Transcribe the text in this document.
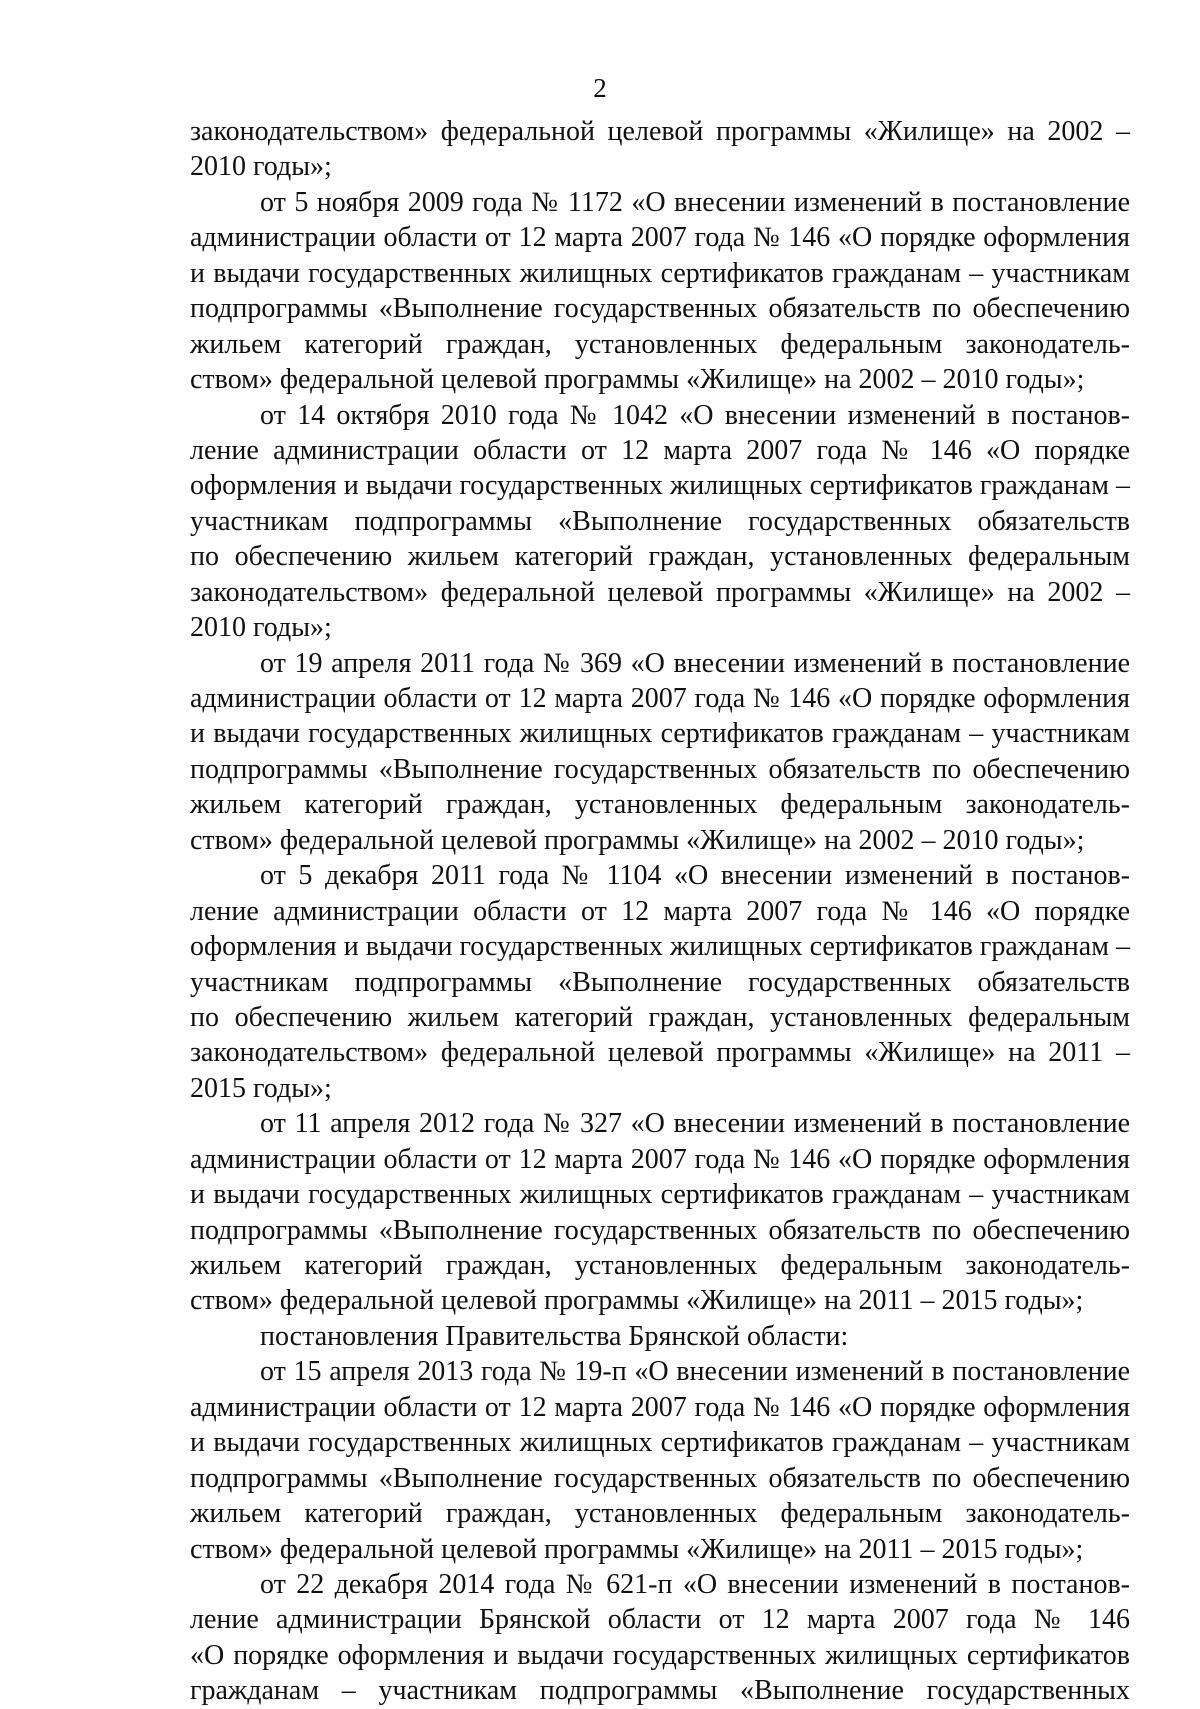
2
законодательством» федеральной целевой программы «Жилище» на 2002 –
2010 годы»;
от 5 ноября 2009 года № 1172 «О внесении изменений в постановление
администрации области от 12 марта 2007 года № 146 «О порядке оформления
и выдачи государственных жилищных сертификатов гражданам – участникам
подпрограммы «Выполнение государственных обязательств по обеспечению
жильем категорий граждан, установленных федеральным законодатель-
ством» федеральной целевой программы «Жилище» на 2002 – 2010 годы»;
от 14 октября 2010 года № 1042 «О внесении изменений в постанов-
ление администрации области от 12 марта 2007 года № 146 «О порядке
оформления и выдачи государственных жилищных сертификатов гражданам –
участникам подпрограммы «Выполнение государственных обязательств
по обеспечению жильем категорий граждан, установленных федеральным
законодательством» федеральной целевой программы «Жилище» на 2002 –
2010 годы»;
от 19 апреля 2011 года № 369 «О внесении изменений в постановление
администрации области от 12 марта 2007 года № 146 «О порядке оформления
и выдачи государственных жилищных сертификатов гражданам – участникам
подпрограммы «Выполнение государственных обязательств по обеспечению
жильем категорий граждан, установленных федеральным законодатель-
ством» федеральной целевой программы «Жилище» на 2002 – 2010 годы»;
от 5 декабря 2011 года № 1104 «О внесении изменений в постанов-
ление администрации области от 12 марта 2007 года № 146 «О порядке
оформления и выдачи государственных жилищных сертификатов гражданам –
участникам подпрограммы «Выполнение государственных обязательств
по обеспечению жильем категорий граждан, установленных федеральным
законодательством» федеральной целевой программы «Жилище» на 2011 –
2015 годы»;
от 11 апреля 2012 года № 327 «О внесении изменений в постановление
администрации области от 12 марта 2007 года № 146 «О порядке оформления
и выдачи государственных жилищных сертификатов гражданам – участникам
подпрограммы «Выполнение государственных обязательств по обеспечению
жильем категорий граждан, установленных федеральным законодатель-
ством» федеральной целевой программы «Жилище» на 2011 – 2015 годы»;
постановления Правительства Брянской области:
от 15 апреля 2013 года № 19-п «О внесении изменений в постановление
администрации области от 12 марта 2007 года № 146 «О порядке оформления
и выдачи государственных жилищных сертификатов гражданам – участникам
подпрограммы «Выполнение государственных обязательств по обеспечению
жильем категорий граждан, установленных федеральным законодатель-
ством» федеральной целевой программы «Жилище» на 2011 – 2015 годы»;
от 22 декабря 2014 года № 621-п «О внесении изменений в постанов-
ление администрации Брянской области от 12 марта 2007 года № 146
«О порядке оформления и выдачи государственных жилищных сертификатов
гражданам – участникам подпрограммы «Выполнение государственных
